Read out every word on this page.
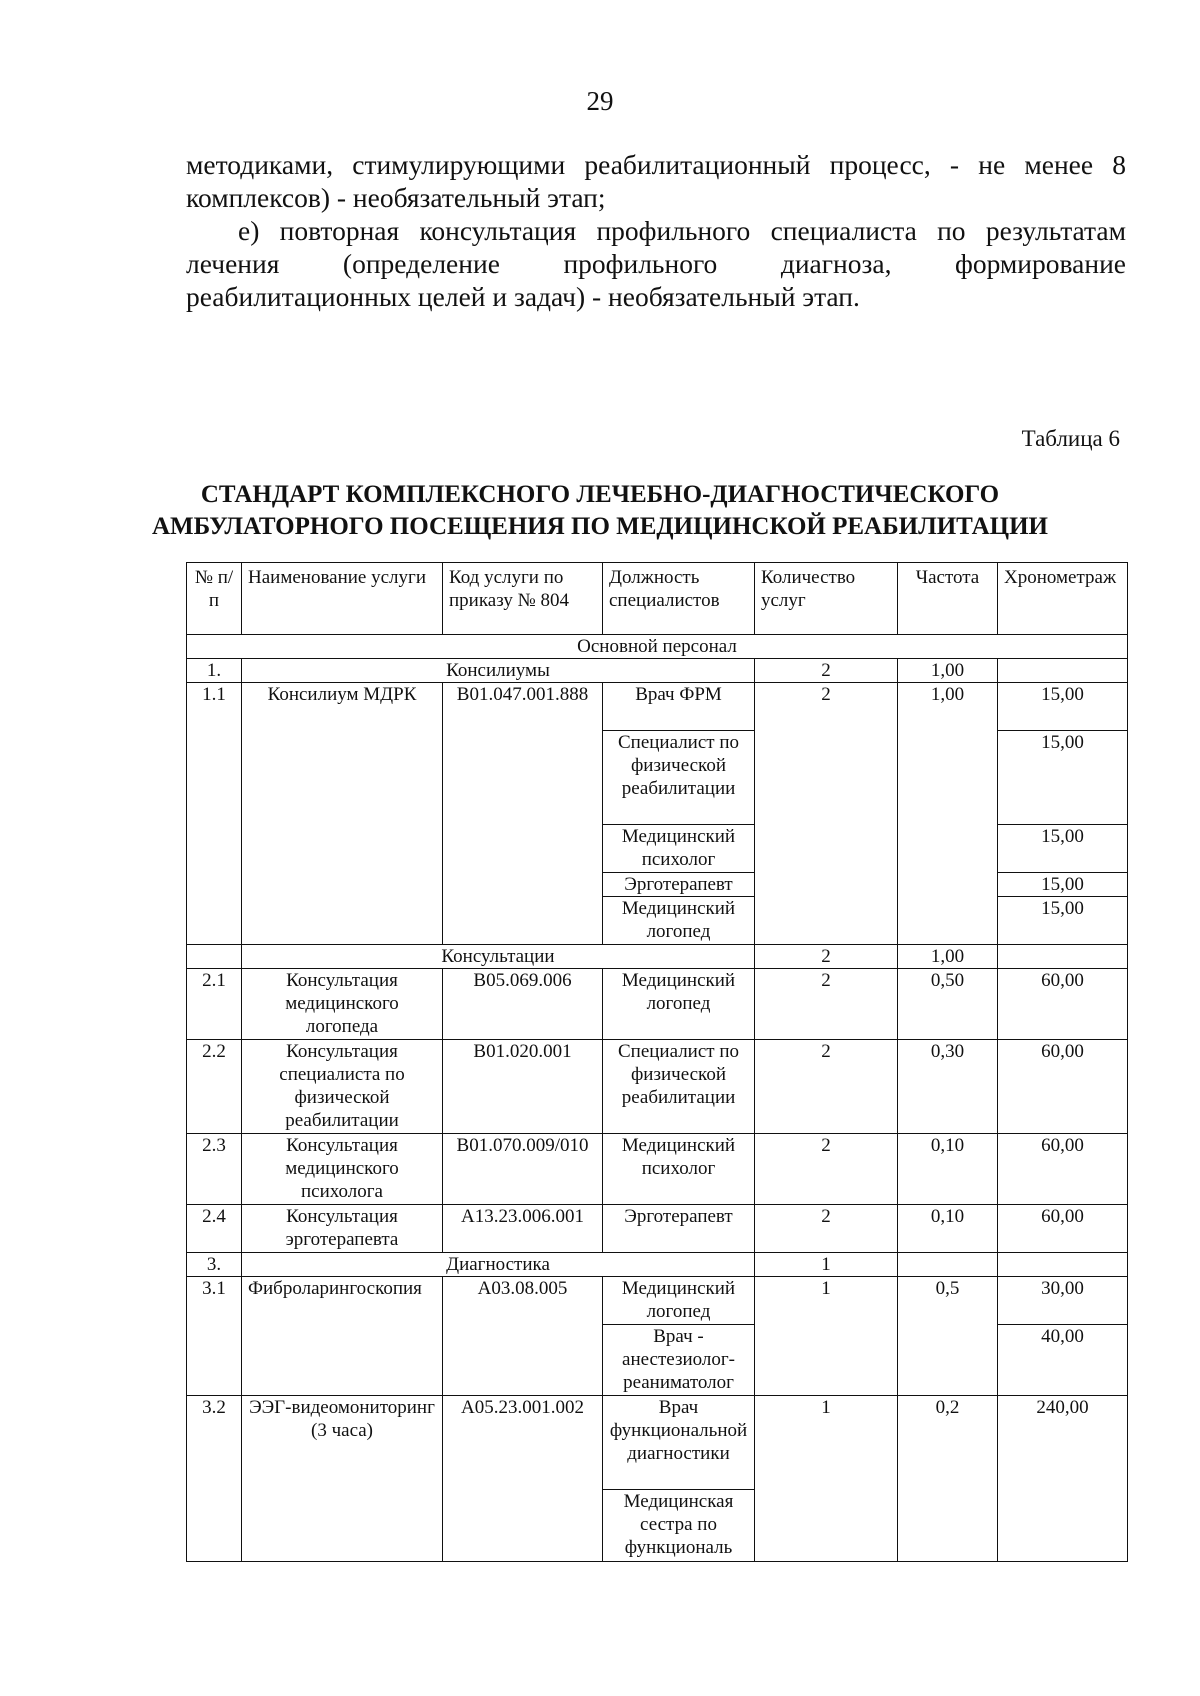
29
методиками, стимулирующими реабилитационный процесс, - не менее 8
комплексов) - необязательный этап;
е) повторная консультация профильного специалиста по результатам
лечения (определение профильного диагноза, формирование
реабилитационных целей и задач) - необязательный этап.
Таблица 6
СТАНДАРТ КОМПЛЕКСНОГО ЛЕЧЕБНО-ДИАГНОСТИЧЕСКОГО
АМБУЛАТОРНОГО ПОСЕЩЕНИЯ ПО МЕДИЦИНСКОЙ РЕАБИЛИТАЦИИ
№ п/ п	Наименование услуги	Код услуги по приказу № 804	Должность специалистов	Количество услуг	Частота	Хронометраж
Основной персонал						
1.	Консилиумы			2	1,00	
1.1	Консилиум МДРК	B01.047.001.888	Врач ФРМ	2	1,00	15,00
			Специалист по физической реабилитации			15,00
			Медицинский психолог			15,00
			Эрготерапевт			15,00
			Медицинский логопед			15,00
	Консультации			2	1,00	
2.1	Консультация медицинского логопеда	B05.069.006	Медицинский логопед	2	0,50	60,00
2.2	Консультация специалиста по физической реабилитации	B01.020.001	Специалист по физической реабилитации	2	0,30	60,00
2.3	Консультация медицинского психолога	B01.070.009/010	Медицинский психолог	2	0,10	60,00
2.4	Консультация эрготерапевта	A13.23.006.001	Эрготерапевт	2	0,10	60,00
3.	Диагностика			1		
3.1	Фиброларингоскопия	A03.08.005	Медицинский логопед	1	0,5	30,00
			Врач - анестезиолог-реаниматолог			40,00
3.2	ЭЭГ-видеомониторинг (3 часа)	A05.23.001.002	Врач функциональной диагностики	1	0,2	240,00
			Медицинская сестра по функциональ			
